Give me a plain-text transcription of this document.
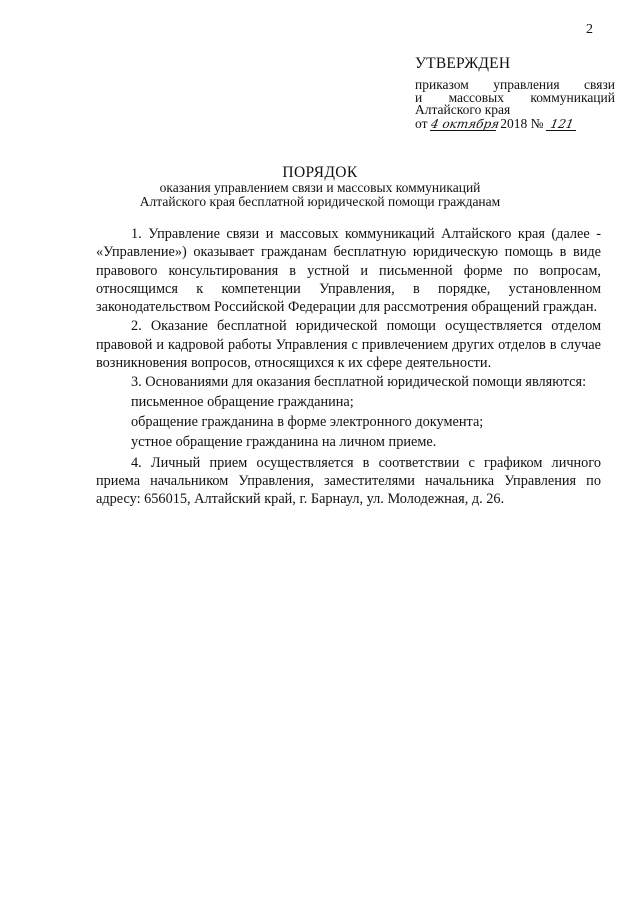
2
УТВЕРЖДЕН
приказом управления связи
и массовых коммуникаций
Алтайского края
от 4 октября 2018 № 121
ПОРЯДОК
оказания управлением связи и массовых коммуникаций
Алтайского края бесплатной юридической помощи гражданам

1. Управление связи и массовых коммуникаций Алтайского края (далее - «Управление») оказывает гражданам бесплатную юридическую помощь в виде правового консультирования в устной и письменной форме по вопросам, относящимся к компетенции Управления, в порядке, установленном законодательством Российской Федерации для рассмотрения обращений граждан.

2. Оказание бесплатной юридической помощи осуществляется отделом правовой и кадровой работы Управления с привлечением других отделов в случае возникновения вопросов, относящихся к их сфере деятельности.

3. Основаниями для оказания бесплатной юридической помощи являются:

письменное обращение гражданина;

обращение гражданина в форме электронного документа;

устное обращение гражданина на личном приеме.

4. Личный прием осуществляется в соответствии с графиком личного приема начальником Управления, заместителями начальника Управления по адресу: 656015, Алтайский край, г. Барнаул, ул. Молодежная, д. 26.
